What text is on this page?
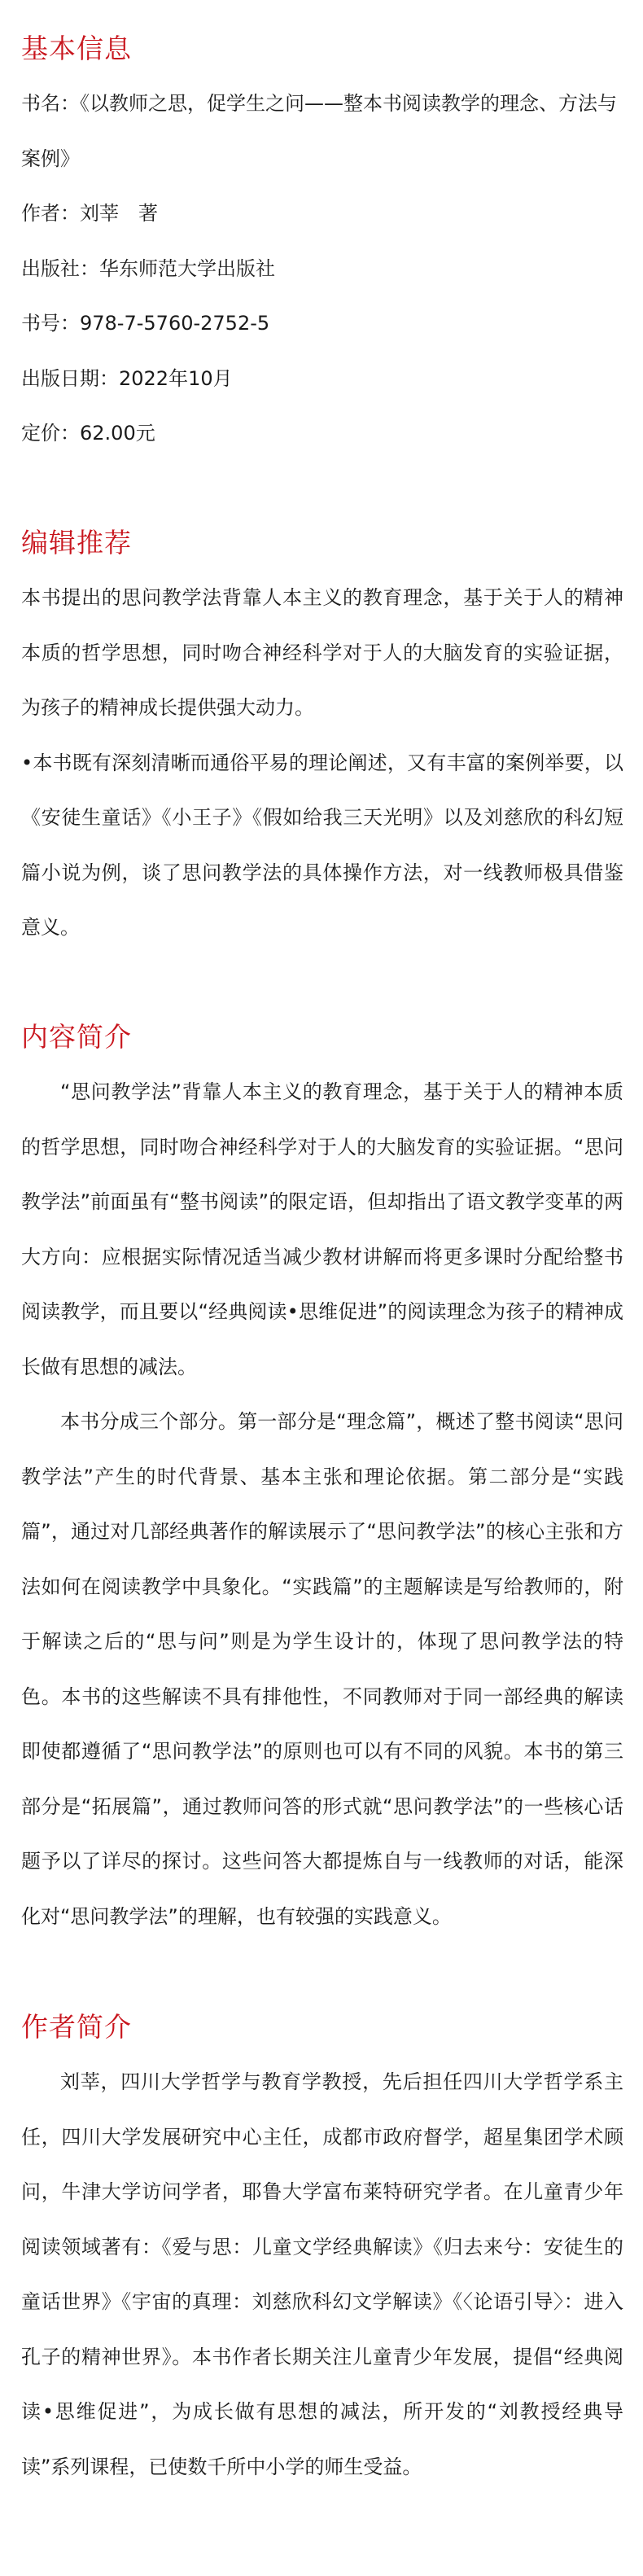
基本信息
书名：《以教师之思，促学生之问——整本书阅读教学的理念、方法与案例》
作者：刘莘　著
出版社：华东师范大学出版社
书号：978-7-5760-2752-5
出版日期：2022年10月
定价：62.00元
编辑推荐

本书提出的思问教学法背靠人本主义的教育理念，基于关于人的精神本质的哲学思想，同时吻合神经科学对于人的大脑发育的实验证据，为孩子的精神成长提供强大动力。

•本书既有深刻清晰而通俗平易的理论阐述，又有丰富的案例举要，以《安徒生童话》《小王子》《假如给我三天光明》以及刘慈欣的科幻短篇小说为例，谈了思问教学法的具体操作方法，对一线教师极具借鉴意义。

内容简介

“思问教学法”背靠人本主义的教育理念，基于关于人的精神本质的哲学思想，同时吻合神经科学对于人的大脑发育的实验证据。“思问教学法”前面虽有“整书阅读”的限定语，但却指出了语文教学变革的两大方向：应根据实际情况适当减少教材讲解而将更多课时分配给整书阅读教学，而且要以“经典阅读•思维促进”的阅读理念为孩子的精神成长做有思想的减法。

本书分成三个部分。第一部分是“理念篇”，概述了整书阅读“思问教学法”产生的时代背景、基本主张和理论依据。第二部分是“实践篇”，通过对几部经典著作的解读展示了“思问教学法”的核心主张和方法如何在阅读教学中具象化。“实践篇”的主题解读是写给教师的，附于解读之后的“思与问”则是为学生设计的，体现了思问教学法的特色。本书的这些解读不具有排他性，不同教师对于同一部经典的解读即使都遵循了“思问教学法”的原则也可以有不同的风貌。本书的第三部分是“拓展篇”，通过教师问答的形式就“思问教学法”的一些核心话题予以了详尽的探讨。这些问答大都提炼自与一线教师的对话，能深化对“思问教学法”的理解，也有较强的实践意义。

作者简介

刘莘，四川大学哲学与教育学教授，先后担任四川大学哲学系主任，四川大学发展研究中心主任，成都市政府督学，超星集团学术顾问，牛津大学访问学者，耶鲁大学富布莱特研究学者。在儿童青少年阅读领域著有：《爱与思：儿童文学经典解读》《归去来兮：安徒生的童话世界》《宇宙的真理：刘慈欣科幻文学解读》《〈论语引导〉：进入孔子的精神世界》。本书作者长期关注儿童青少年发展，提倡“经典阅读•思维促进”，为成长做有思想的减法，所开发的“刘教授经典导读”系列课程，已使数千所中小学的师生受益。
